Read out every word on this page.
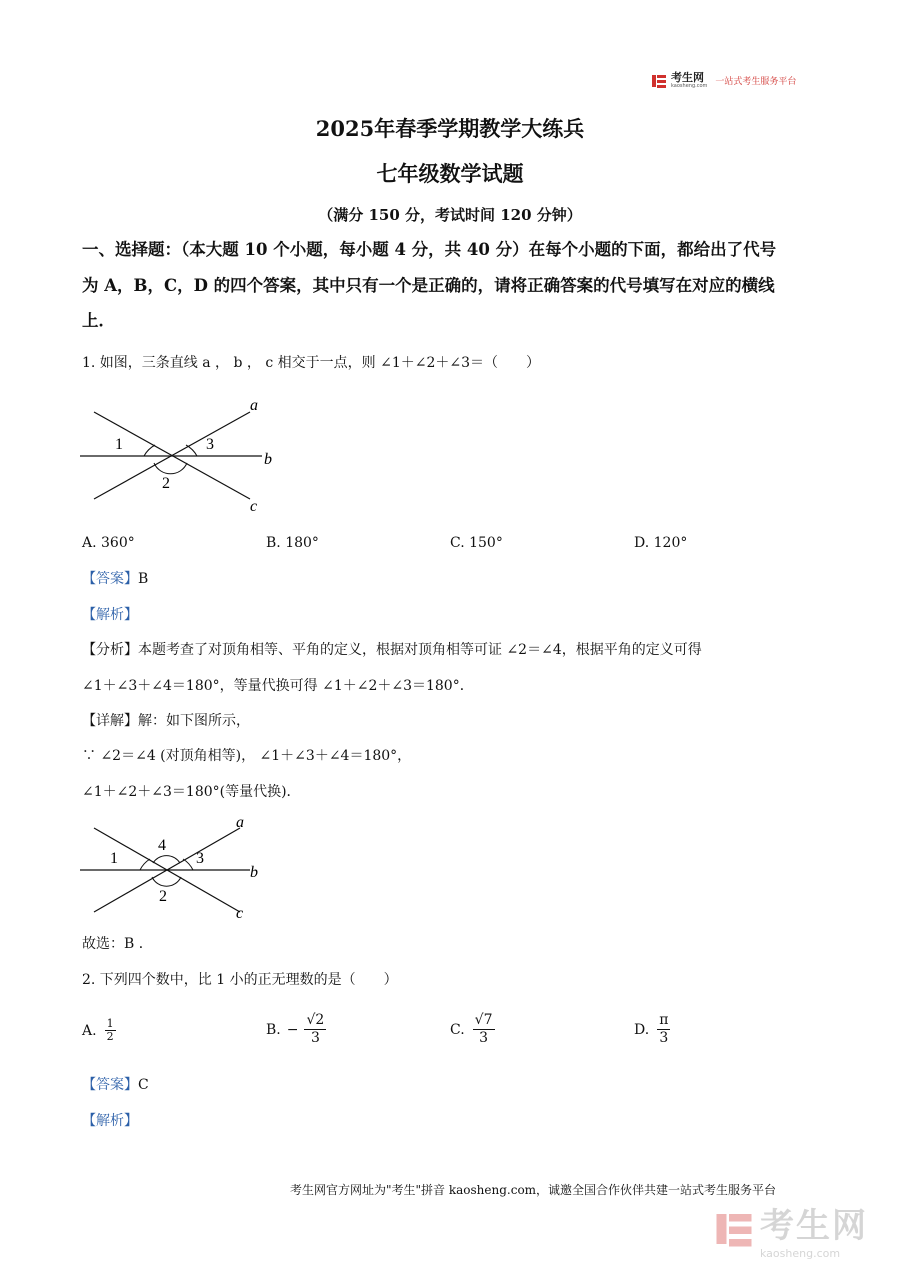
考生网
kaosheng.com 一站式考生服务平台
2025年春季学期教学大练兵
七年级数学试题
（满分 150 分，考试时间 120 分钟）
一、选择题：（本大题 10 个小题，每小题 4 分，共 40 分）在每个小题的下面，都给出了代号
为 A，B，C，D 的四个答案，其中只有一个是正确的，请将正确答案的代号填写在对应的横线
上．
1. 如图，三条直线 a ， b ， c 相交于一点，则 ∠1＋∠2＋∠3＝（　　）
1	3
2
a
b
c
A. 360°	B. 180°	C. 150°	D. 120°
【答案】B
【解析】
【分析】本题考查了对顶角相等、平角的定义，根据对顶角相等可证 ∠2＝∠4，根据平角的定义可得
∠1＋∠3＋∠4＝180°，等量代换可得 ∠1＋∠2＋∠3＝180°．
【详解】解：如下图所示，
∵ ∠2＝∠4 (对顶角相等)， ∠1＋∠3＋∠4＝180°，
∠1＋∠2＋∠3＝180°(等量代换)．
1	3
4
2
a
b
c
故选：B ．
2. 下列四个数中，比 1 小的正无理数的是（　　）
A. $\frac{1}{2}$	B. − $\frac{√2}{3}$	C. $\frac{√7}{3}$	D. $\frac{\pi}{3}$
【答案】C
【解析】
考生网官方网址为"考生"拼音 kaosheng.com，诚邀全国合作伙伴共建一站式考生服务平台
考生网
kaosheng.com
